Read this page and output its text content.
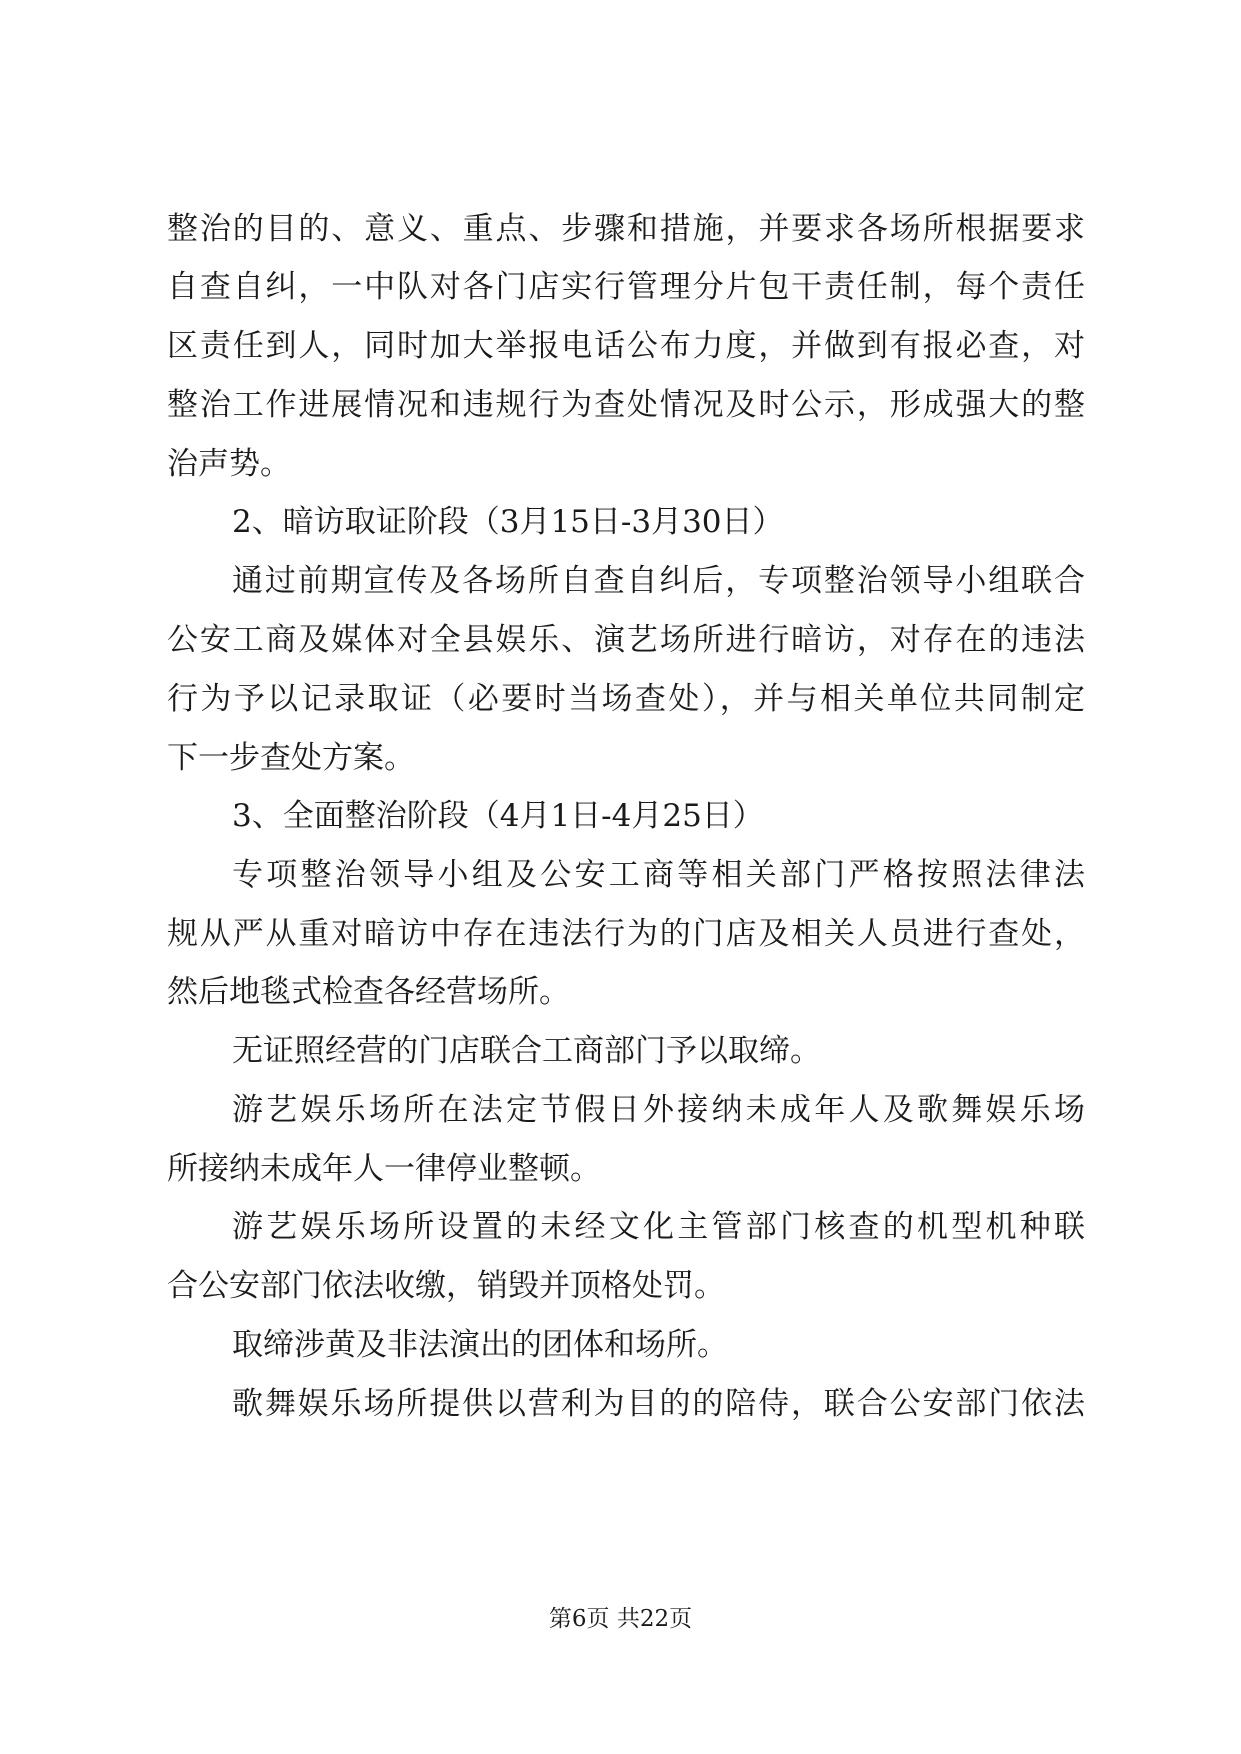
整治的目的、意义、重点、步骤和措施，并要求各场所根据要求
自查自纠，一中队对各门店实行管理分片包干责任制，每个责任
区责任到人，同时加大举报电话公布力度，并做到有报必查，对
整治工作进展情况和违规行为查处情况及时公示，形成强大的整
治声势。
2、暗访取证阶段（3月15日-3月30日）
通过前期宣传及各场所自查自纠后，专项整治领导小组联合
公安工商及媒体对全县娱乐、演艺场所进行暗访，对存在的违法
行为予以记录取证（必要时当场查处），并与相关单位共同制定
下一步查处方案。
3、全面整治阶段（4月1日-4月25日）
专项整治领导小组及公安工商等相关部门严格按照法律法
规从严从重对暗访中存在违法行为的门店及相关人员进行查处，
然后地毯式检查各经营场所。
无证照经营的门店联合工商部门予以取缔。
游艺娱乐场所在法定节假日外接纳未成年人及歌舞娱乐场
所接纳未成年人一律停业整顿。
游艺娱乐场所设置的未经文化主管部门核查的机型机种联
合公安部门依法收缴，销毁并顶格处罚。
取缔涉黄及非法演出的团体和场所。
歌舞娱乐场所提供以营利为目的的陪侍，联合公安部门依法
第6页 共22页
